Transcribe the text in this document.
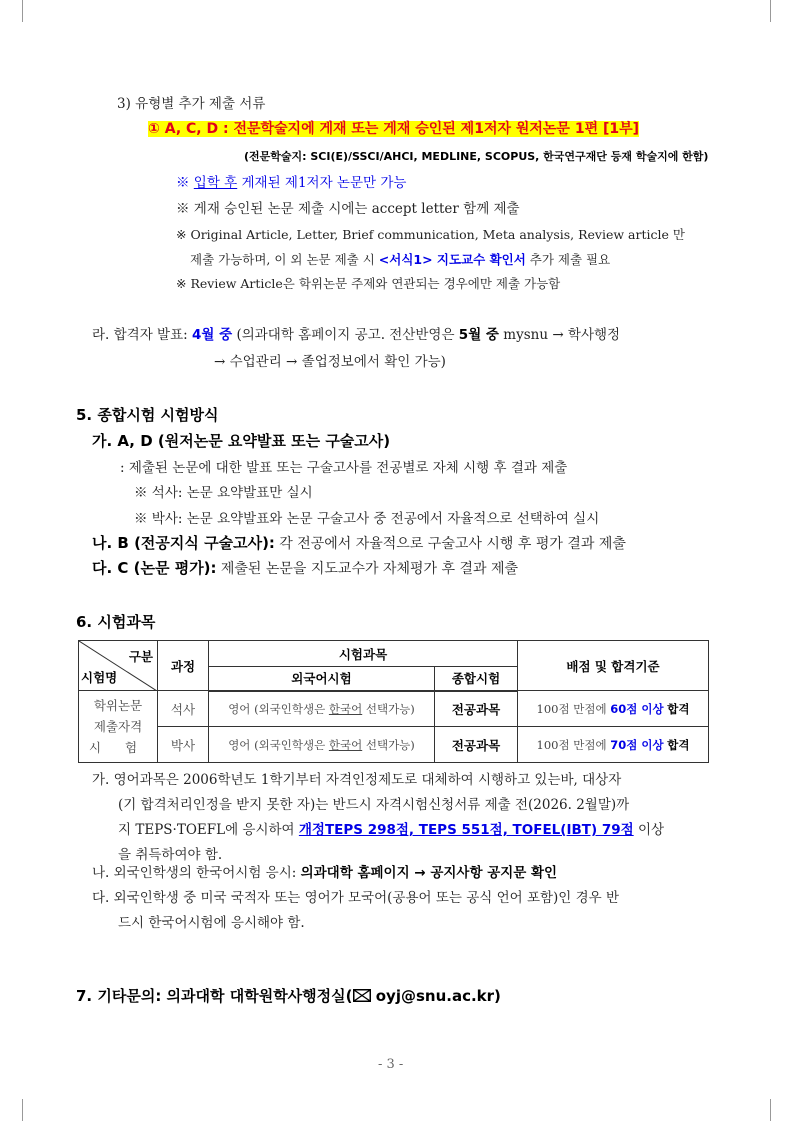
3) 유형별 추가 제출 서류
① A, C, D : 전문학술지에 게재 또는 게재 승인된 제1저자 원저논문 1편 [1부]
(전문학술지: SCI(E)/SSCI/AHCI, MEDLINE, SCOPUS, 한국연구재단 등재 학술지에 한함)
※ 입학 후 게재된 제1저자 논문만 가능
※ 게재 승인된 논문 제출 시에는 accept letter 함께 제출
※ Original Article, Letter, Brief communication, Meta analysis, Review article 만
제출 가능하며, 이 외 논문 제출 시 <서식1> 지도교수 확인서 추가 제출 필요
※ Review Article은 학위논문 주제와 연관되는 경우에만 제출 가능함
라. 합격자 발표: 4월 중 (의과대학 홈페이지 공고. 전산반영은 5월 중 mysnu → 학사행정
→ 수업관리 → 졸업정보에서 확인 가능)
5. 종합시험 시험방식
가. A, D (원저논문 요약발표 또는 구술고사)
: 제출된 논문에 대한 발표 또는 구술고사를 전공별로 자체 시행 후 결과 제출
※ 석사: 논문 요약발표만 실시
※ 박사: 논문 요약발표와 논문 구술고사 중 전공에서 자율적으로 선택하여 실시
나. B (전공지식 구술고사): 각 전공에서 자율적으로 구술고사 시행 후 평가 결과 제출
다. C (논문 평가): 제출된 논문을 지도교수가 자체평가 후 결과 제출
6. 시험과목
구분
시험명	과정	시험과목		배점 및 합격기준
		외국어시험	종합시험	

학위논문
제출자격
시 험	석사	영어 (외국인학생은 한국어 선택가능)	전공과목	100점 만점에 60점 이상 합격
	박사	영어 (외국인학생은 한국어 선택가능)	전공과목	100점 만점에 70점 이상 합격
가. 영어과목은 2006학년도 1학기부터 자격인정제도로 대체하여 시행하고 있는바, 대상자
(기 합격처리인정을 받지 못한 자)는 반드시 자격시험신청서류 제출 전(2026. 2월말)까
지 TEPS·TOEFL에 응시하여 개정TEPS 298점, TEPS 551점, TOFEL(IBT) 79점 이상
을 취득하여야 함.
나. 외국인학생의 한국어시험 응시: 의과대학 홈페이지 → 공지사항 공지문 확인
다. 외국인학생 중 미국 국적자 또는 영어가 모국어(공용어 또는 공식 언어 포함)인 경우 반
드시 한국어시험에 응시해야 함.
7. 기타문의: 의과대학 대학원학사행정실( oyj@snu.ac.kr)
- 3 -
